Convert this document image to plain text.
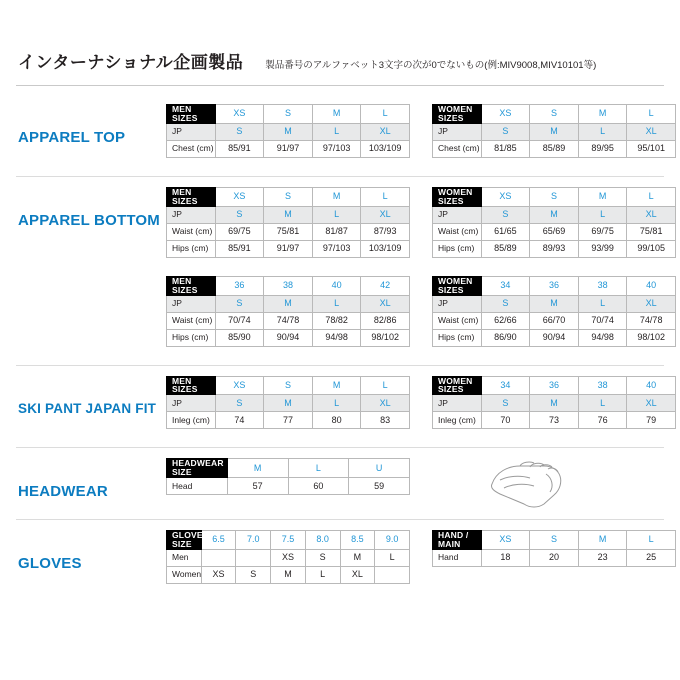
インターナショナル企画製品	製品番号のアルファベット3文字の次が0でないもの(例:MIV9008,MIV10101等)
APPAREL TOP
MEN SIZES	XS	S	M	L
JP	S	M	L	XL
Chest (cm)	85/91	91/97	97/103	103/109
WOMEN SIZES	XS	S	M	L
JP	S	M	L	XL
Chest (cm)	81/85	85/89	89/95	95/101
APPAREL BOTTOM
MEN SIZES	XS	S	M	L
JP	S	M	L	XL
Waist (cm)	69/75	75/81	81/87	87/93
Hips (cm)	85/91	91/97	97/103	103/109
WOMEN SIZES	XS	S	M	L
JP	S	M	L	XL
Waist (cm)	61/65	65/69	69/75	75/81
Hips (cm)	85/89	89/93	93/99	99/105
MEN SIZES	36	38	40	42
JP	S	M	L	XL
Waist (cm)	70/74	74/78	78/82	82/86
Hips (cm)	85/90	90/94	94/98	98/102
WOMEN SIZES	34	36	38	40
JP	S	M	L	XL
Waist (cm)	62/66	66/70	70/74	74/78
Hips (cm)	86/90	90/94	94/98	98/102
SKI PANT JAPAN FIT
MEN SIZES	XS	S	M	L
JP	S	M	L	XL
Inleg (cm)	74	77	80	83
WOMEN SIZES	34	36	38	40
JP	S	M	L	XL
Inleg (cm)	70	73	76	79
HEADWEAR
HEADWEAR SIZE	M	L	U
Head	57	60	59
GLOVES
GLOVES SIZE	6.5	7.0	7.5	8.0	8.5	9.0
Men			XS	S	M	L
Women	XS	S	M	L	XL	
HAND / MAIN	XS	S	M	L
Hand	18	20	23	25
